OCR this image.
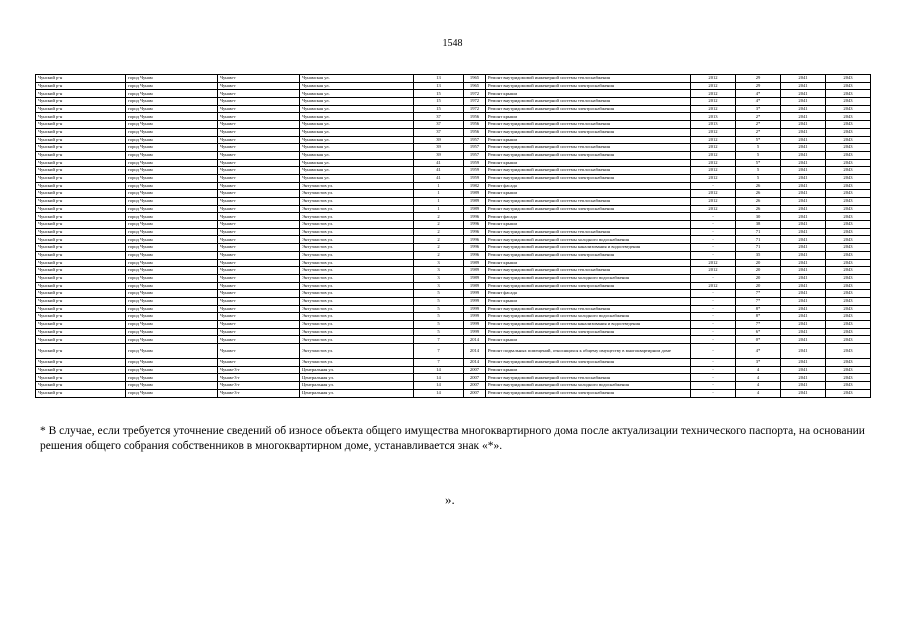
1548
Чунский р-н	город Чунам	Чунам-г	Чунамская ул.	13	1965	Ремонт внутридомовой инженерной системы теплоснабжения	2012	29	2041	2043
Чунский р-н	город Чунам	Чунам-г	Чунамская ул.	13	1965	Ремонт внутридомовой инженерной системы электроснабжения	2012	29	2041	2043
Чунский р-н	город Чунам	Чунам-г	Чунамская ул.	15	1972	Ремонт крыши	2012	4*	2041	2043
Чунский р-н	город Чунам	Чунам-г	Чунамская ул.	15	1972	Ремонт внутридомовой инженерной системы теплоснабжения	2012	4*	2041	2043
Чунский р-н	город Чунам	Чунам-г	Чунамская ул.	15	1972	Ремонт внутридомовой инженерной системы электроснабжения	2012	3*	2041	2043
Чунский р-н	город Чунам	Чунам-г	Чунамская ул.	37	1956	Ремонт крыши	2013	2*	2041	2043
Чунский р-н	город Чунам	Чунам-г	Чунамская ул.	37	1956	Ремонт внутридомовой инженерной системы теплоснабжения	2013	2*	2041	2043
Чунский р-н	город Чунам	Чунам-г	Чунамская ул.	37	1956	Ремонт внутридомовой инженерной системы электроснабжения	2012	2*	2041	2043
Чунский р-н	город Чунам	Чунам-г	Чунамская ул.	39	1957	Ремонт крыши	2012	5*	2041	2043
Чунский р-н	город Чунам	Чунам-г	Чунамская ул.	39	1957	Ремонт внутридомовой инженерной системы теплоснабжения	2012	5	2041	2043
Чунский р-н	город Чунам	Чунам-г	Чунамская ул.	39	1957	Ремонт внутридомовой инженерной системы электроснабжения	2012	5	2041	2043
Чунский р-н	город Чунам	Чунам-г	Чунамская ул.	41	1959	Ремонт крыши	2012	5*	2041	2043
Чунский р-н	город Чунам	Чунам-г	Чунамская ул.	41	1959	Ремонт внутридомовой инженерной системы теплоснабжения	2012	5	2041	2043
Чунский р-н	город Чунам	Чунам-г	Чунамская ул.	41	1959	Ремонт внутридомовой инженерной системы электроснабжения	2012	5	2041	2043
Чунский р-н	город Чунам	Чунам-г	Энтузиастов ул.	1	1982	Ремонт фасада	-	26	2041	2043
Чунский р-н	город Чунам	Чунам-г	Энтузиастов ул.	1	1989	Ремонт крыши	2012	26	2041	2043
Чунский р-н	город Чунам	Чунам-г	Энтузиастов ул.	1	1989	Ремонт внутридомовой инженерной системы теплоснабжения	2012	26	2041	2043
Чунский р-н	город Чунам	Чунам-г	Энтузиастов ул.	1	1989	Ремонт внутридомовой инженерной системы электроснабжения	2012	26	2041	2043
Чунский р-н	город Чунам	Чунам-г	Энтузиастов ул.	2	1996	Ремонт фасада	-	30	2041	2043
Чунский р-н	город Чунам	Чунам-г	Энтузиастов ул.	2	1996	Ремонт крыши	-	38	2041	2043
Чунский р-н	город Чунам	Чунам-г	Энтузиастов ул.	2	1996	Ремонт внутридомовой инженерной системы теплоснабжения	-	71	2041	2043
Чунский р-н	город Чунам	Чунам-г	Энтузиастов ул.	2	1996	Ремонт внутридомовой инженерной системы холодного водоснабжения	-	71	2041	2043
Чунский р-н	город Чунам	Чунам-г	Энтузиастов ул.	2	1996	Ремонт внутридомовой инженерной системы канализования и водоотведения	-	71	2041	2043
Чунский р-н	город Чунам	Чунам-г	Энтузиастов ул.	2	1996	Ремонт внутридомовой инженерной системы электроснабжения	-	35	2041	2043
Чунский р-н	город Чунам	Чунам-г	Энтузиастов ул.	3	1989	Ремонт крыши	2012	20	2041	2043
Чунский р-н	город Чунам	Чунам-г	Энтузиастов ул.	3	1989	Ремонт внутридомовой инженерной системы теплоснабжения	2012	20	2041	2043
Чунский р-н	город Чунам	Чунам-г	Энтузиастов ул.	3	1989	Ремонт внутридомовой инженерной системы холодного водоснабжения	-	20	2041	2043
Чунский р-н	город Чунам	Чунам-г	Энтузиастов ул.	3	1989	Ремонт внутридомовой инженерной системы электроснабжения	2012	20	2041	2043
Чунский р-н	город Чунам	Чунам-г	Энтузиастов ул.	5	1999	Ремонт фасада	-	7*	2041	2043
Чунский р-н	город Чунам	Чунам-г	Энтузиастов ул.	5	1999	Ремонт крыши	-	7*	2041	2043
Чунский р-н	город Чунам	Чунам-г	Энтузиастов ул.	5	1999	Ремонт внутридомовой инженерной системы теплоснабжения	-	8*	2041	2043
Чунский р-н	город Чунам	Чунам-г	Энтузиастов ул.	5	1999	Ремонт внутридомовой инженерной системы холодного водоснабжения	-	8*	2041	2043
Чунский р-н	город Чунам	Чунам-г	Энтузиастов ул.	5	1999	Ремонт внутридомовой инженерной системы канализования и водоотведения	-	7*	2041	2043
Чунский р-н	город Чунам	Чунам-г	Энтузиастов ул.	5	1999	Ремонт внутридомовой инженерной системы электроснабжения	-	6*	2041	2043
Чунский р-н	город Чунам	Чунам-г	Энтузиастов ул.	7	2014	Ремонт крыши	-	0*	2041	2043
Чунский р-н	город Чунам	Чунам-г	Энтузиастов ул.	7	2014	Ремонт подвальных помещений, относящихся к общему имуществу в многоквартирном доме	-	4*	2041	2043
Чунский р-н	город Чунам	Чунам-г	Энтузиастов ул.	7	2014	Ремонт внутридомовой инженерной системы электроснабжения	-	3*	2041	2043
Чунский р-н	город Чунам	Чунам-3-г	Центральная ул.	14	2007	Ремонт крыши	-	4	2041	2043
Чунский р-н	город Чунам	Чунам-3-г	Центральная ул.	14	2007	Ремонт внутридомовой инженерной системы теплоснабжения	-	4	2041	2043
Чунский р-н	город Чунам	Чунам-3-г	Центральная ул.	14	2007	Ремонт внутридомовой инженерной системы холодного водоснабжения	-	4	2041	2043
Чунский р-н	город Чунам	Чунам-3-г	Центральная ул.	14	2007	Ремонт внутридомовой инженерной системы электроснабжения	-	4	2041	2043
* В случае, если требуется уточнение сведений об износе объекта общего имущества многоквартирного дома после актуализации технического паспорта, на основании решения общего собрания собственников в многоквартирном доме, устанавливается знак «*».
».
